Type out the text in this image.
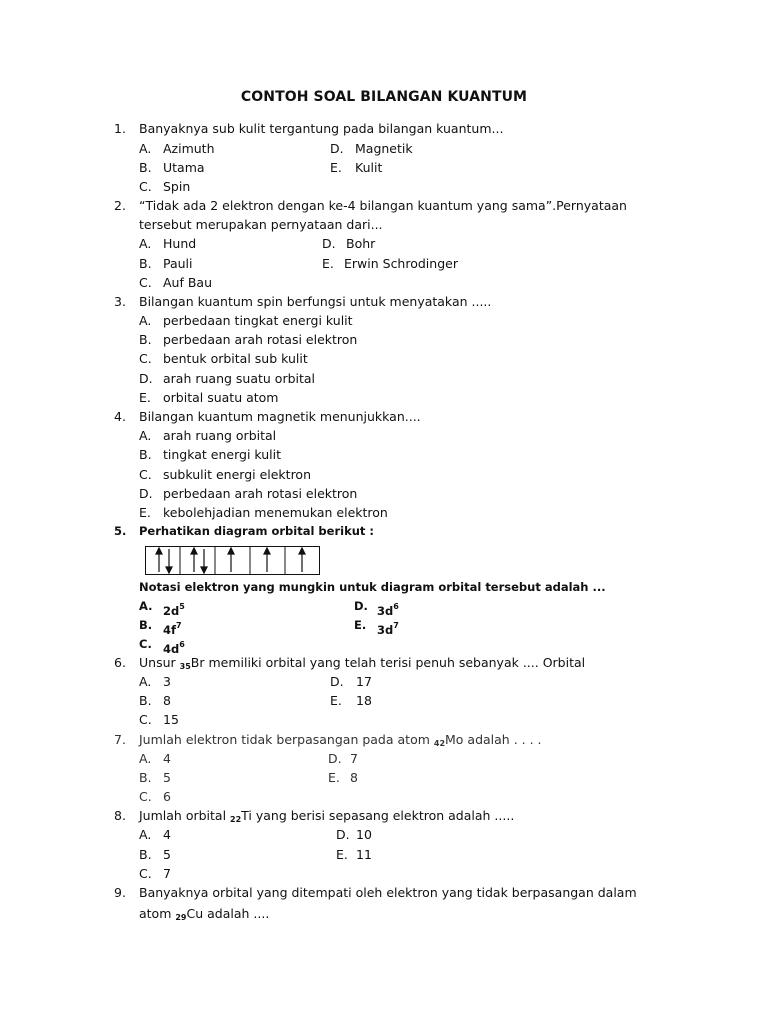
CONTOH SOAL BILANGAN KUANTUM
1. Banyaknya sub kulit tergantung pada bilangan kuantum...
A. Azimuth	D. Magnetik
B. Utama	E. Kulit
C. Spin
2. “Tidak ada 2 elektron dengan ke-4 bilangan kuantum yang sama”.Pernyataan
tersebut merupakan pernyataan dari...
A. Hund	D. Bohr
B. Pauli	E. Erwin Schrodinger
C. Auf Bau
3. Bilangan kuantum spin berfungsi untuk menyatakan .....
A. perbedaan tingkat energi kulit
B. perbedaan arah rotasi elektron
C. bentuk orbital sub kulit
D. arah ruang suatu orbital
E. orbital suatu atom
4. Bilangan kuantum magnetik menunjukkan....
A. arah ruang orbital
B. tingkat energi kulit
C. subkulit energi elektron
D. perbedaan arah rotasi elektron
E. kebolehjadian menemukan elektron
5. Perhatikan diagram orbital berikut :
Notasi elektron yang mungkin untuk diagram orbital tersebut adalah ...
A. $2d^5$	D. $3d^6$
B. $4f^7$	E. $3d^7$
C. $4d^6$
6. Unsur $_{35}$Br memiliki orbital yang telah terisi penuh sebanyak .... Orbital
A. 3	D. 17
B. 8	E. 18
C. 15
7. Jumlah elektron tidak berpasangan pada atom $_{42}$Mo adalah . . . .
A. 4	D. 7
B. 5	E. 8
C. 6
8. Jumlah orbital $_{22}$Ti yang berisi sepasang elektron adalah .....
A. 4	D. 10
B. 5	E. 11
C. 7
9. Banyaknya orbital yang ditempati oleh elektron yang tidak berpasangan dalam
atom $_{29}$Cu adalah ....
